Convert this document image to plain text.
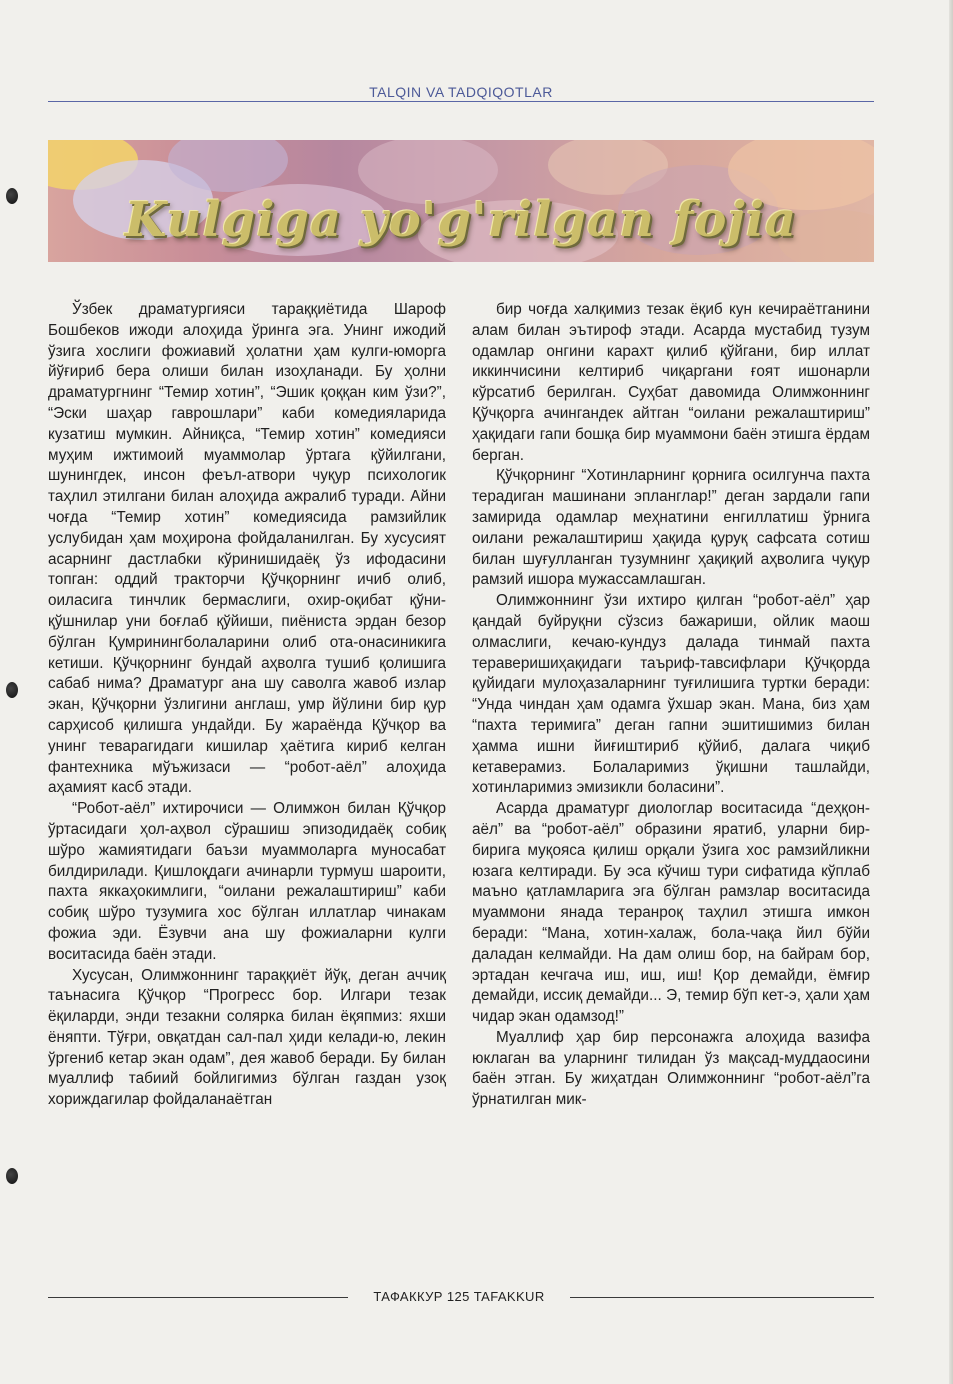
TALQIN VA TADQIQOTLAR
Kulgiga yo'g'rilgan fojia

Ўзбек драматургияси тараққиётида Шароф Бошбеков ижоди алоҳида ўринга эга. Унинг ижодий ўзига хослиги фожиавий ҳолатни ҳам кулги-юморга йўғириб бера олиши билан изоҳланади. Бу ҳолни драматургнинг “Темир хотин”, “Эшик қоққан ким ўзи?”, “Эски шаҳар гаврошлари” каби комедияларида кузатиш мумкин. Айниқса, “Темир хотин” комедияси муҳим ижтимоий муаммолар ўртага қўйилгани, шунингдек, инсон феъл-атвори чуқур психологик таҳлил этилгани билан алоҳида ажралиб туради. Айни чоғда “Темир хотин” комедиясида рамзийлик услубидан ҳам моҳирона фойдаланилган. Бу хусусият асарнинг дастлабки кўринишидаёқ ўз ифодасини топган: оддий тракторчи Қўчқорнинг ичиб олиб, оиласига тинчлик бермаслиги, охир-оқибат қўни-қўшнилар уни боғлаб қўйиши, пиёниста эрдан безор бўлган Қумринингболаларини олиб ота-онасиникига кетиши. Қўчқорнинг бундай аҳволга тушиб қолишига сабаб нима? Драматург ана шу саволга жавоб излар экан, Қўчқорни ўзлигини англаш, умр йўлини бир қур сарҳисоб қилишга ундайди. Бу жараёнда Қўчқор ва унинг теварагидаги кишилар ҳаётига кириб келган фантехника мўъжизаси — “робот-аёл” алоҳида аҳамият касб этади.

“Робот-аёл” ихтирочиси — Олимжон билан Қўчқор ўртасидаги ҳол-аҳвол сўрашиш эпизодидаёқ собиқ шўро жамиятидаги баъзи муаммоларга муносабат билдирилади. Қишлоқдаги ачинарли турмуш шароити, пахта яккаҳокимлиги, “оилани режалаштириш” каби собиқ шўро тузумига хос бўлган иллатлар чинакам фожиа эди. Ёзувчи ана шу фожиаларни кулги воситасида баён этади.

Хусусан, Олимжоннинг тараққиёт йўқ, деган аччиқ таънасига Қўчқор “Прогресс бор. Илгари тезак ёқиларди, энди тезакни солярка билан ёқяпмиз: яхши ёняпти. Тўғри, овқатдан сал-пал ҳиди келади-ю, лекин ўргениб кетар экан одам”, дея жавоб беради. Бу билан муаллиф табиий бойлигимиз бўлган газдан узоқ хориждагилар фойдаланаётган

бир чоғда халқимиз тезак ёқиб кун кечираётганини алам билан эътироф этади. Асарда мустабид тузум одамлар онгини карахт қилиб қўйгани, бир иллат иккинчисини келтириб чиқаргани ғоят ишонарли кўрсатиб берилган. Суҳбат давомида Олимжоннинг Қўчқорга ачингандек айтган “оилани режалаштириш” ҳақидаги гапи бошқа бир муаммони баён этишга ёрдам берган.

Қўчқорнинг “Хотинларнинг қорнига осилгунча пахта терадиган машинани эпланглар!” деган зардали гапи замирида одамлар меҳнатини енгиллатиш ўрнига оилани режалаштириш ҳақида қуруқ сафсата сотиш билан шуғулланган тузумнинг ҳақиқий аҳволига чуқур рамзий ишора мужассамлашган.

Олимжоннинг ўзи ихтиро қилган “робот-аёл” ҳар қандай буйруқни сўзсиз бажариши, ойлик маош олмаслиги, кечаю-кундуз далада тинмай пахта тераверишиҳақидаги таъриф-тавсифлари Қўчқорда қуйидаги мулоҳазаларнинг туғилишига туртки беради: “Унда чиндан ҳам одамга ўхшар экан. Мана, биз ҳам “пахта теримига” деган гапни эшитишимиз билан ҳамма ишни йиғиштириб қўйиб, далага чиқиб кетаверамиз. Болаларимиз ўқишни ташлайди, хотинларимиз эмизикли боласини”.

Асарда драматург диологлар воситасида “деҳқон-аёл” ва “робот-аёл” образини яратиб, уларни бир-бирига муқояса қилиш орқали ўзига хос рамзийликни юзага келтиради. Бу эса кўчиш тури сифатида кўплаб маъно қатламларига эга бўлган рамзлар воситасида муаммони янада теранроқ таҳлил этишга имкон беради: “Мана, хотин-халаж, бола-чақа йил бўйи даладан келмайди. На дам олиш бор, на байрам бор, эртадан кечгача иш, иш, иш! Қор демайди, ёмғир демайди, иссиқ демайди... Э, темир бўп кет-э, ҳали ҳам чидар экан одамзод!”

Муаллиф ҳар бир персонажга алоҳида вазифа юклаган ва уларнинг тилидан ўз мақсад-муддаосини баён этган. Бу жиҳатдан Олимжоннинг “робот-аёл”га ўрнатилган мик-

ТАФАККУР 125 TAFAKKUR
